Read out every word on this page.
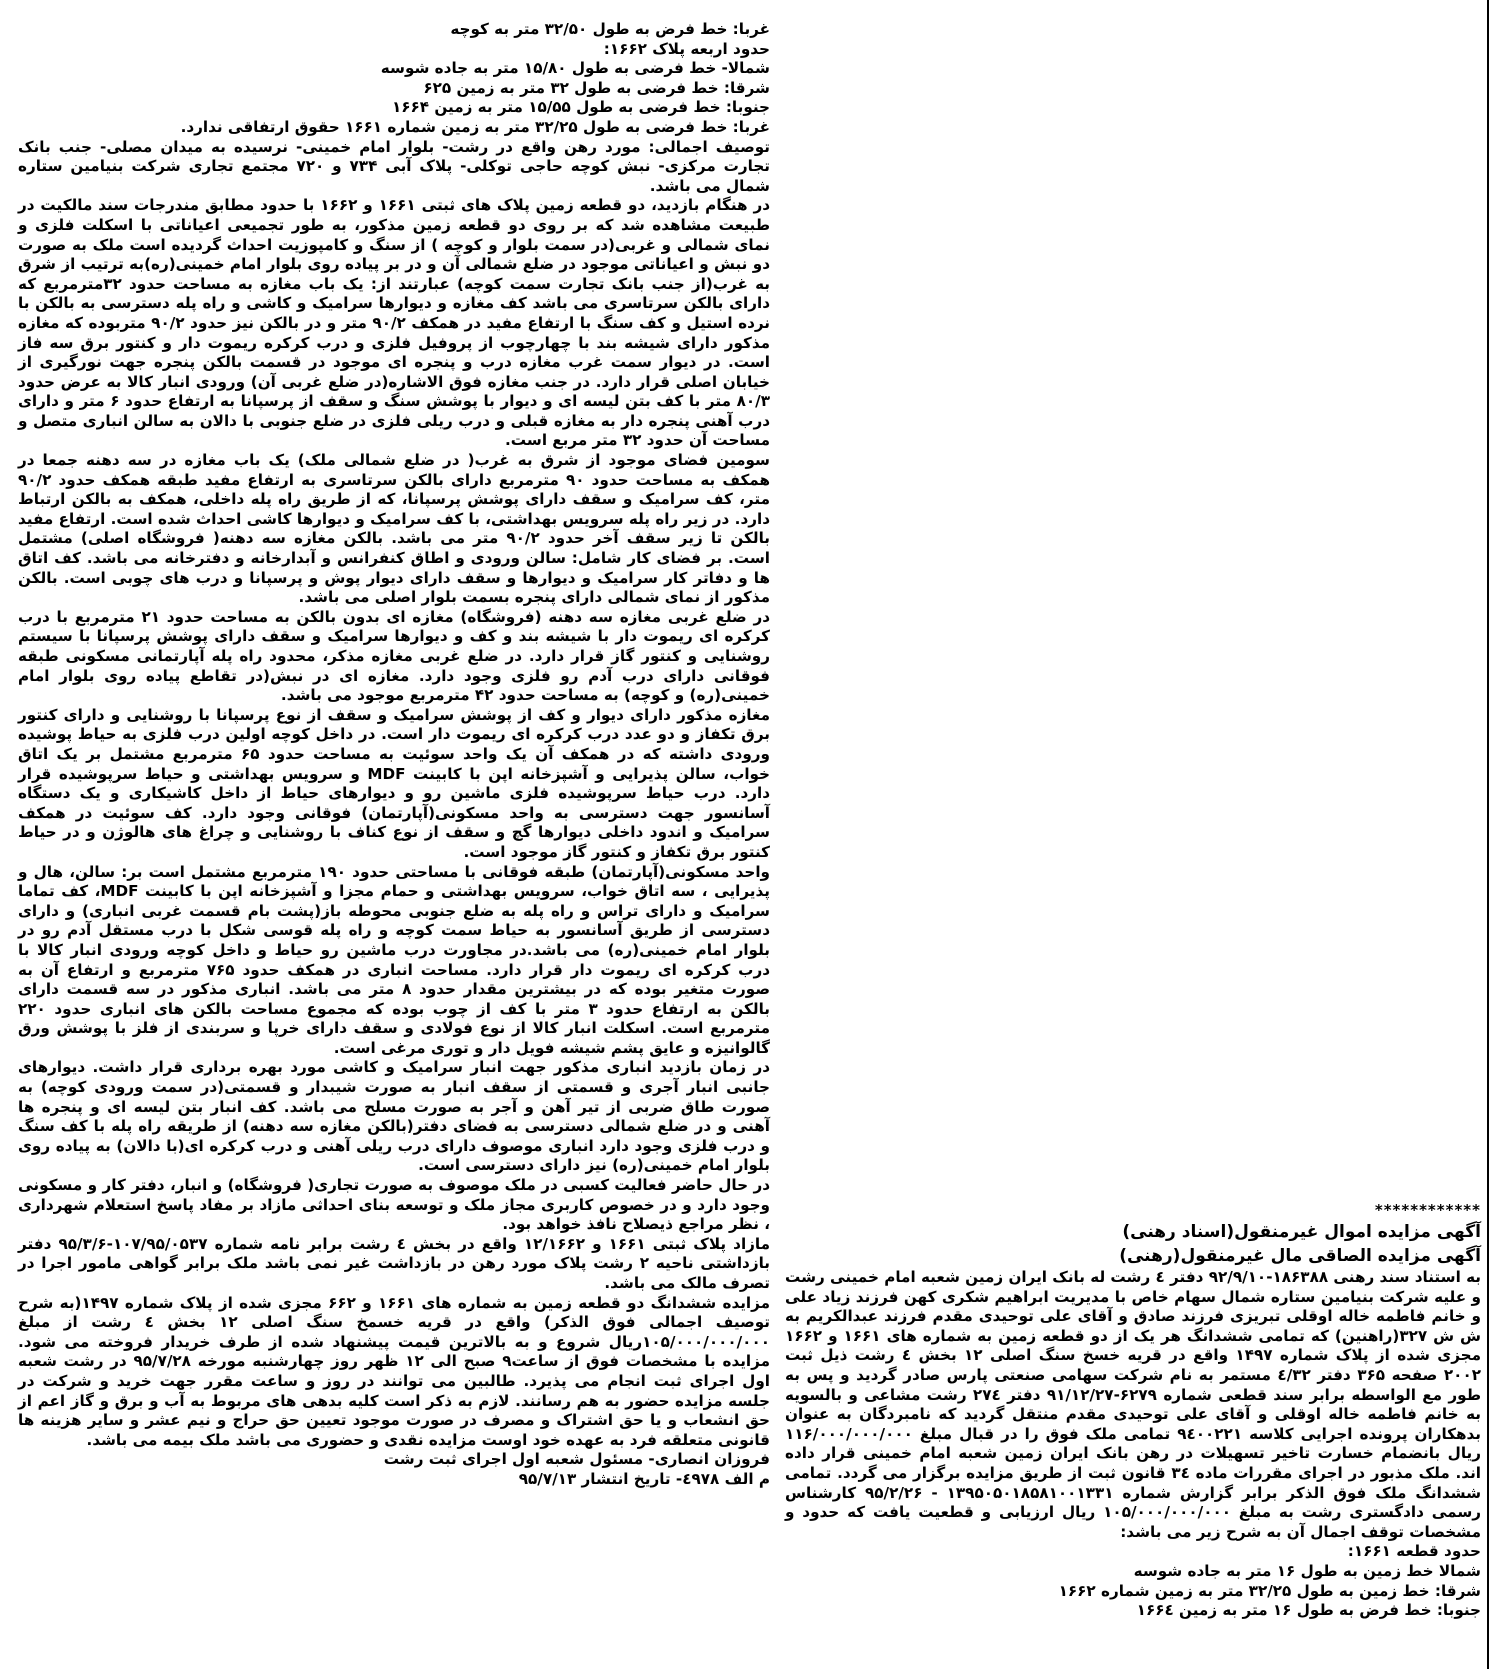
غربا: خط فرض به طول ۳۲/۵۰ متر به کوچه

حدود اربعه پلاک ۱۶۶۲:

شمالا- خط فرضی به طول ۱۵/۸۰ متر به جاده شوسه

شرقا: خط فرضی به طول ۳۲ متر به زمین ۶۲۵

جنوبا: خط فرضی به طول ۱۵/۵۵ متر به زمین ۱۶۶۴

غربا: خط فرضی به طول ۳۲/۲۵ متر به زمین شماره ۱۶۶۱ حقوق ارتفاقی ندارد.

توصیف اجمالی: مورد رهن واقع در رشت- بلوار امام خمینی- نرسیده به میدان مصلی- جنب بانک تجارت مرکزی- نبش کوچه حاجی توکلی- پلاک آبی ۷۳۴ و ۷۲۰ مجتمع تجاری شرکت بنیامین ستاره شمال می باشد.

در هنگام بازدید، دو قطعه زمین پلاک های ثبتی ۱۶۶۱ و ۱۶۶۲ با حدود مطابق مندرجات سند مالکیت در طبیعت مشاهده شد که بر روی دو قطعه زمین مذکور، به طور تجمیعی اعیاناتی با اسکلت فلزی و نمای شمالی و غربی(در سمت بلوار و کوچه ) از سنگ و کامپوزیت احداث گردیده است ملک به صورت دو نبش و اعیاناتی موجود در ضلع شمالی آن و در بر پیاده روی بلوار امام خمینی(ره)به ترتیب از شرق به غرب(از جنب بانک تجارت سمت کوچه) عبارتند از: یک باب مغازه به مساحت حدود ۳۲مترمربع که دارای بالکن سرتاسری می باشد کف مغازه و دیوارها سرامیک و کاشی و راه پله دسترسی به بالکن با نرده استیل و کف سنگ با ارتفاع مفید در همکف ۹۰/۲ متر و در بالکن نیز حدود ۹۰/۲ متربوده که مغازه مذکور دارای شیشه بند با چهارچوب از پروفیل فلزی و درب کرکره ریموت دار و کنتور برق سه فاز است. در دیوار سمت غرب مغازه درب و پنجره ای موجود در قسمت بالکن پنجره جهت نورگیری از خیابان اصلی قرار دارد. در جنب مغازه فوق الاشاره(در ضلع غربی آن) ورودی انبار کالا به عرض حدود ۸۰/۳ متر با کف بتن لیسه ای و دیوار با پوشش سنگ و سقف از پرسپانا به ارتفاع حدود ۶ متر و دارای درب آهنی پنجره دار به مغازه قبلی و درب ریلی فلزی در ضلع جنوبی با دالان به سالن انباری متصل و مساحت آن حدود ۳۲ متر مربع است.

سومین فضای موجود از شرق به غرب( در ضلع شمالی ملک) یک باب مغازه در سه دهنه جمعا در همکف به مساحت حدود ۹۰ مترمربع دارای بالکن سرتاسری به ارتفاع مفید طبقه همکف حدود ۹۰/۲ متر، کف سرامیک و سقف دارای پوشش پرسپانا، که از طریق راه پله داخلی، همکف به بالکن ارتباط دارد. در زیر راه پله سرویس بهداشتی، با کف سرامیک و دیوارها کاشی احداث شده است. ارتفاع مفید بالکن تا زیر سقف آخر حدود ۹۰/۲ متر می باشد. بالکن مغازه سه دهنه( فروشگاه اصلی) مشتمل است. بر فضای کار شامل: سالن ورودی و اطاق کنفرانس و آبدارخانه و دفترخانه می باشد. کف اتاق ها و دفاتر کار سرامیک و دیوارها و سقف دارای دیوار پوش و پرسپانا و درب های چوبی است. بالکن مذکور از نمای شمالی دارای پنجره بسمت بلوار اصلی می باشد.

در ضلع غربی مغازه سه دهنه (فروشگاه) مغازه ای بدون بالکن به مساحت حدود ۲۱ مترمربع با درب کرکره ای ریموت دار با شیشه بند و کف و دیوارها سرامیک و سقف دارای پوشش پرسپانا با سیستم روشنایی و کنتور گاز قرار دارد. در ضلع غربی مغازه مذکر، محدود راه پله آپارتمانی مسکونی طبقه فوقانی دارای درب آدم رو فلزی وجود دارد. مغازه ای در نبش(در تقاطع پیاده روی بلوار امام خمینی(ره) و کوچه) به مساحت حدود ۴۲ مترمربع موجود می باشد.

مغازه مذکور دارای دیوار و کف از پوشش سرامیک و سقف از نوع پرسپانا با روشنایی و دارای کنتور برق تکفاز و دو عدد درب کرکره ای ریموت دار است. در داخل کوچه اولین درب فلزی به حیاط پوشیده ورودی داشته که در همکف آن یک واحد سوئیت به مساحت حدود ۶۵ مترمربع مشتمل بر یک اتاق خواب، سالن پذیرایی و آشپزخانه اپن با کابینت MDF و سرویس بهداشتی و حیاط سرپوشیده قرار دارد. درب حیاط سرپوشیده فلزی ماشین رو و دیوارهای حیاط از داخل کاشیکاری و یک دستگاه آسانسور جهت دسترسی به واحد مسکونی(آپارتمان) فوقانی وجود دارد. کف سوئیت در همکف سرامیک و اندود داخلی دیوارها گچ و سقف از نوع کناف با روشنایی و چراغ های هالوژن و در حیاط کنتور برق تکفاز و کنتور گاز موجود است.

واحد مسکونی(آپارتمان) طبقه فوقانی با مساحتی حدود ۱۹۰ مترمربع مشتمل است بر: سالن، هال و پذیرایی ، سه اتاق خواب، سرویس بهداشتی و حمام مجزا و آشپزخانه اپن با کابینت MDF، کف تماما سرامیک و دارای تراس و راه پله به ضلع جنوبی محوطه باز(پشت بام قسمت غربی انباری) و دارای دسترسی از طریق آسانسور به حیاط سمت کوچه و راه پله قوسی شکل با درب مستقل آدم رو در بلوار امام خمینی(ره) می باشد.در مجاورت درب ماشین رو حیاط و داخل کوچه ورودی انبار کالا با درب کرکره ای ریموت دار قرار دارد. مساحت انباری در همکف حدود ۷۶۵ مترمربع و ارتفاع آن به صورت متغیر بوده که در بیشترین مقدار حدود ۸ متر می باشد. انباری مذکور در سه قسمت دارای بالکن به ارتفاع حدود ۳ متر با کف از چوب بوده که مجموع مساحت بالکن های انباری حدود ۲۲۰ مترمربع است. اسکلت انبار کالا از نوع فولادی و سقف دارای خرپا و سربندی از فلز با پوشش ورق گالوانیزه و عایق پشم شیشه فویل دار و توری مرغی است.

در زمان بازدید انباری مذکور جهت انبار سرامیک و کاشی مورد بهره برداری قرار داشت. دیوارهای جانبی انبار آجری و قسمتی از سقف انبار به صورت شیبدار و قسمتی(در سمت ورودی کوچه) به صورت طاق ضربی از تیر آهن و آجر به صورت مسلح می باشد. کف انبار بتن لیسه ای و پنجره ها آهنی و در ضلع شمالی دسترسی به فضای دفتر(بالکن مغازه سه دهنه) از طریقه راه پله با کف سنگ و درب فلزی وجود دارد انباری موصوف دارای درب ریلی آهنی و درب کرکره ای(با دالان) به پیاده روی بلوار امام خمینی(ره) نیز دارای دسترسی است.

در حال حاضر فعالیت کسبی در ملک موصوف به صورت تجاری( فروشگاه) و انبار، دفتر کار و مسکونی وجود دارد و در خصوص کاربری مجاز ملک و توسعه بنای احداثی مازاد بر مفاد پاسخ استعلام شهرداری ، نظر مراجع ذیصلاح نافذ خواهد بود.

مازاد پلاک ثبتی ۱۶۶۱ و ۱۲/۱۶۶۲ واقع در بخش ٤ رشت برابر نامه شماره ۱۰۷/۹۵/۰۵۳۷-۹۵/۳/۶ دفتر بازداشتی ناحیه ۲ رشت پلاک مورد رهن در بازداشت غیر نمی باشد ملک برابر گواهی مامور اجرا در تصرف مالک می باشد.

مزایده ششدانگ دو قطعه زمین به شماره های ۱۶۶۱ و ۶۶۲ مجزی شده از پلاک شماره ۱۴۹۷(به شرح توصیف اجمالی فوق الذکر) واقع در قریه خسمخ سنگ اصلی ۱۲ بخش ٤ رشت از مبلغ ۱۰۵/۰۰۰/۰۰۰/۰۰۰ریال شروع و به بالاترین قیمت پیشنهاد شده از طرف خریدار فروخته می شود. مزایده با مشخصات فوق از ساعت۹ صبح الی ۱۲ ظهر روز چهارشنبه مورخه ۹۵/۷/۲۸ در رشت شعبه اول اجرای ثبت انجام می پذیرد. طالبین می توانند در روز و ساعت مقرر جهت خرید و شرکت در جلسه مزایده حضور به هم رسانند. لازم به ذکر است کلیه بدهی های مربوط به آب و برق و گاز اعم از حق انشعاب و یا حق اشتراک و مصرف در صورت موجود تعیین حق حراج و نیم عشر و سایر هزینه ها قانونی متعلقه فرد به عهده خود اوست مزایده نقدی و حضوری می باشد ملک بیمه می باشد.

فروزان انصاری- مسئول شعبه اول اجرای ثبت رشت

م الف ٤٩۷۸- تاریخ انتشار ۹۵/۷/۱۳

************

آگهی مزایده اموال غیرمنقول(اسناد رهنی)

آگهی مزایده الصاقی مال غیرمنقول(رهنی)

به استناد سند رهنی ۱۸۶۳۸۸-۹۲/۹/۱۰ دفتر ٤ رشت له بانک ایران زمین شعبه امام خمینی رشت و علیه شرکت بنیامین ستاره شمال سهام خاص با مدیریت ابراهیم شکری کهن فرزند زیاد علی و خانم فاطمه خاله اوقلی تبریزی فرزند صادق و آقای علی توحیدی مقدم فرزند عبدالکریم به ش ش ۳۲۷(راهنین) که تمامی ششدانگ هر یک از دو قطعه زمین به شماره های ۱۶۶۱ و ۱۶۶۲ مجزی شده از پلاک شماره ۱۴۹۷ واقع در قریه خسخ سنگ اصلی ۱۲ بخش ٤ رشت ذیل ثبت ۲۰۰۲ صفحه ۳۶۵ دفتر ٤/۳۲ مستمر به نام شرکت سهامی صنعتی پارس صادر گردید و پس به طور مع الواسطه برابر سند قطعی شماره ۶۲۷۹-۹۱/۱۲/۲۷ دفتر ۲۷٤ رشت مشاعی و بالسویه به خانم فاطمه خاله اوقلی و آقای علی توحیدی مقدم منتقل گردید که نامبردگان به عنوان بدهکاران پرونده اجرایی کلاسه ۹٤۰۰۲۲۱ تمامی ملک فوق را در قبال مبلغ ۱۱۶/۰۰۰/۰۰۰/۰۰۰ ریال بانضمام خسارت تاخیر تسهیلات در رهن بانک ایران زمین شعبه امام خمینی قرار داده اند. ملک مذبور در اجرای مقررات ماده ۳٤ قانون ثبت از طریق مزایده برگزار می گردد. تمامی ششدانگ ملک فوق الذکر برابر گزارش شماره ۱۳۹۵۰۵۰۱۸۵۸۱۰۰۱۳۳۱ - ۹۵/۲/۲۶ کارشناس رسمی دادگستری رشت به مبلغ ۱۰۵/۰۰۰/۰۰۰/۰۰۰ ریال ارزیابی و قطعیت یافت که حدود و مشخصات توقف اجمال آن به شرح زیر می باشد:

حدود قطعه ۱۶۶۱:

شمالا خط زمین به طول ۱۶ متر به جاده شوسه

شرقا: خط زمین به طول ۳۲/۲۵ متر به زمین شماره ۱۶۶۲

جنوبا: خط فرض به طول ۱۶ متر به زمین ۱۶۶٤
